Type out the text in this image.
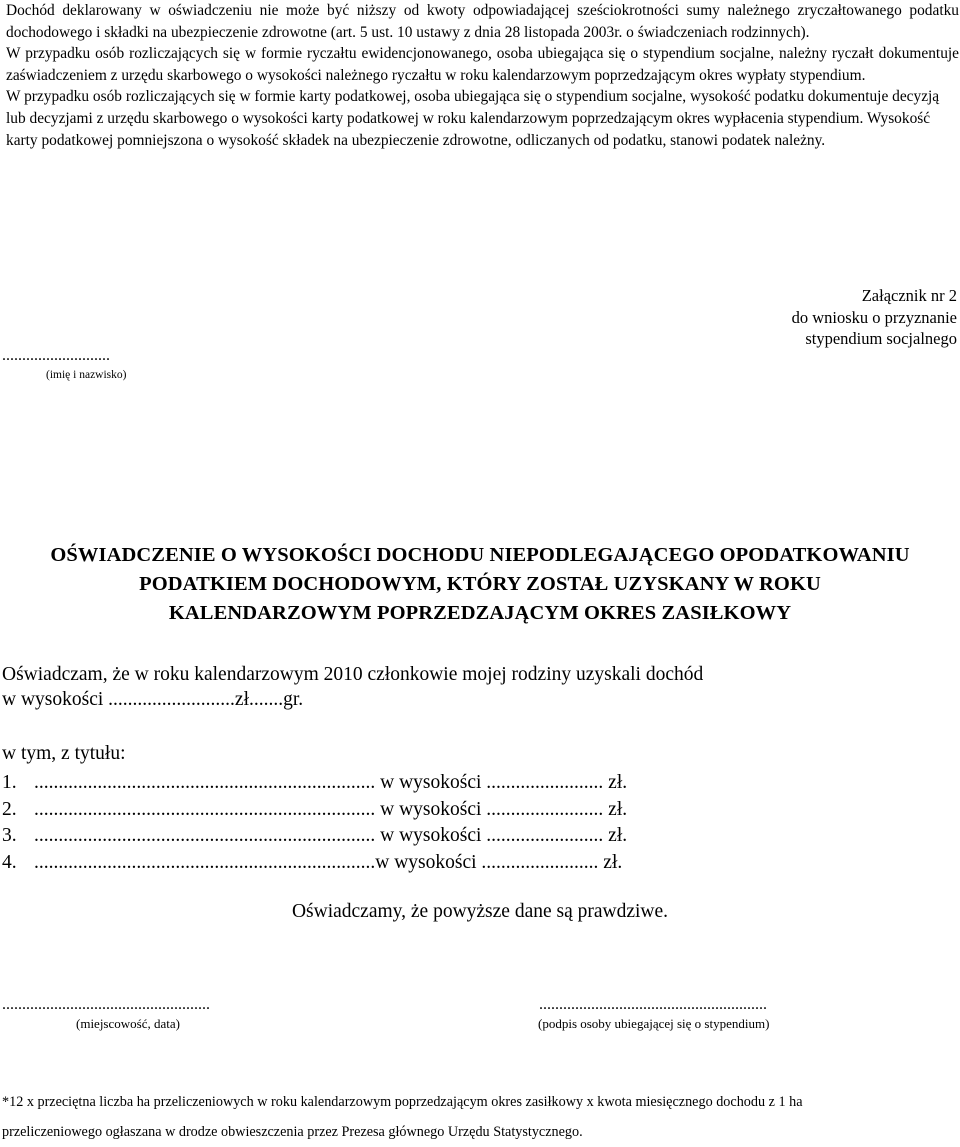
Dochód deklarowany w oświadczeniu nie może być niższy od kwoty odpowiadającej sześciokrotności sumy należnego zryczałtowanego podatku dochodowego i składki na ubezpieczenie zdrowotne (art. 5 ust. 10 ustawy z dnia 28 listopada 2003r. o świadczeniach rodzinnych).

W przypadku osób rozliczających się w formie ryczałtu ewidencjonowanego, osoba ubiegająca się o stypendium socjalne, należny ryczałt dokumentuje zaświadczeniem z urzędu skarbowego o wysokości należnego ryczałtu w roku kalendarzowym poprzedzającym okres wypłaty stypendium.

W przypadku osób rozliczających się w formie karty podatkowej, osoba ubiegająca się o stypendium socjalne, wysokość podatku dokumentuje decyzją lub decyzjami z urzędu skarbowego o wysokości karty podatkowej w roku kalendarzowym poprzedzającym okres wypłacenia stypendium. Wysokość karty podatkowej pomniejszona o wysokość składek na ubezpieczenie zdrowotne, odliczanych od podatku, stanowi podatek należny.

Załącznik nr 2
do wniosku o przyznanie
stypendium socjalnego
...........................
(imię i nazwisko)
OŚWIADCZENIE O WYSOKOŚCI DOCHODU NIEPODLEGAJĄCEGO OPODATKOWANIU
PODATKIEM DOCHODOWYM, KTÓRY ZOSTAŁ UZYSKANY W ROKU
KALENDARZOWYM POPRZEDZAJĄCYM OKRES ZASIŁKOWY
Oświadczam, że w roku kalendarzowym 2010 członkowie mojej rodziny uzyskali dochód
w wysokości ..........................zł.......gr.
w tym, z tytułu:
1. ...................................................................... w wysokości ........................ zł.
2. ...................................................................... w wysokości ........................ zł.
3. ...................................................................... w wysokości ........................ zł.
4. ......................................................................w wysokości ........................ zł.
Oświadczamy, że powyższe dane są prawdziwe.
....................................................
(miejscowość, data)
.........................................................
(podpis osoby ubiegającej się o stypendium)
*12 x przeciętna liczba ha przeliczeniowych w roku kalendarzowym poprzedzającym okres zasiłkowy x kwota miesięcznego dochodu z 1 ha
przeliczeniowego ogłaszana w drodze obwieszczenia przez Prezesa głównego Urzędu Statystycznego.
